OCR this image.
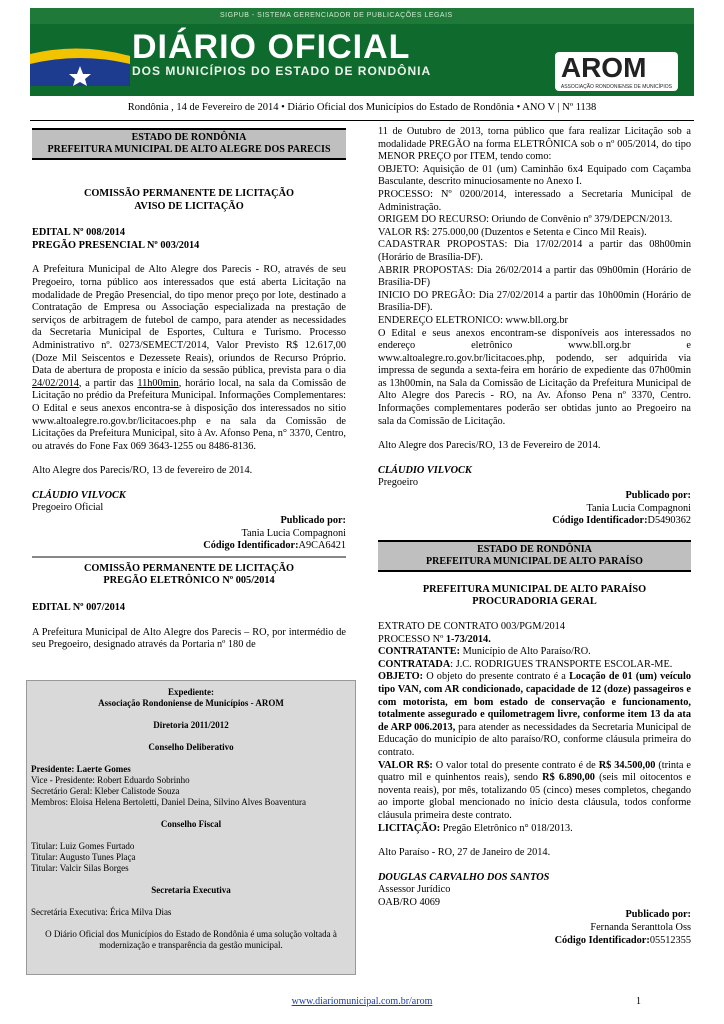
SIGPUB - SISTEMA GERENCIADOR DE PUBLICAÇÕES LEGAIS
DIÁRIO OFICIAL
DOS MUNICÍPIOS DO ESTADO DE RONDÔNIA	AROM
ASSOCIAÇÃO RONDONIENSE DE MUNICÍPIOS
Rondônia , 14 de Fevereiro de 2014 • Diário Oficial dos Municípios do Estado de Rondônia • ANO V | Nº 1138
ESTADO DE RONDÔNIA
PREFEITURA MUNICIPAL DE ALTO ALEGRE DOS PARECIS

COMISSÃO PERMANENTE DE LICITAÇÃO

AVISO DE LICITAÇÃO

EDITAL Nº 008/2014

PREGÃO PRESENCIAL Nº 003/2014

A Prefeitura Municipal de Alto Alegre dos Parecis - RO, através de seu Pregoeiro, torna público aos interessados que está aberta Licitação na modalidade de Pregão Presencial, do tipo menor preço por lote, destinado a Contratação de Empresa ou Associação especializada na prestação de serviços de arbitragem de futebol de campo, para atender as necessidades da Secretaria Municipal de Esportes, Cultura e Turismo. Processo Administrativo nº. 0273/SEMECT/2014, Valor Previsto R$ 12.617,00 (Doze Mil Seiscentos e Dezessete Reais), oriundos de Recurso Próprio. Data de abertura de proposta e início da sessão pública, prevista para o dia 24/02/2014, a partir das 11h00min, horário local, na sala da Comissão de Licitação no prédio da Prefeitura Municipal. Informações Complementares: O Edital e seus anexos encontra-se à disposição dos interessados no sitio www.altoalegre.ro.gov.br/licitacoes.php e na sala da Comissão de Licitações da Prefeitura Municipal, sito à Av. Afonso Pena, n° 3370, Centro, ou através do Fone Fax 069 3643-1255 ou 8486-8136.

Alto Alegre dos Parecis/RO, 13 de fevereiro de 2014.

CLÁUDIO VILVOCK

Pregoeiro Oficial

Publicado por:

Tania Lucia Compagnoni

Código Identificador:A9CA6421

COMISSÃO PERMANENTE DE LICITAÇÃO

PREGÃO ELETRÔNICO Nº 005/2014

EDITAL Nº 007/2014

A Prefeitura Municipal de Alto Alegre dos Parecis – RO, por intermédio de seu Pregoeiro, designado através da Portaria nº 180 de

Expediente:

Associação Rondoniense de Municípios - AROM

Diretoria 2011/2012

Conselho Deliberativo

Presidente: Laerte Gomes

Vice - Presidente: Robert Eduardo Sobrinho

Secretário Geral: Kleber Calistode Souza

Membros: Eloisa Helena Bertoletti, Daniel Deina, Silvino Alves Boaventura

Conselho Fiscal

Titular: Luiz Gomes Furtado

Titular: Augusto Tunes Plaça

Titular: Valcir Silas Borges

Secretaria Executiva

Secretária Executiva: Érica Milva Dias

O Diário Oficial dos Municípios do Estado de Rondônia é uma solução voltada à modernização e transparência da gestão municipal.

11 de Outubro de 2013, torna público que fara realizar Licitação sob a modalidade PREGÃO na forma ELETRÔNICA sob o nº 005/2014, do tipo MENOR PREÇO por ITEM, tendo como:

OBJETO: Aquisição de 01 (um) Caminhão 6x4 Equipado com Caçamba Basculante, descrito minuciosamente no Anexo I.

PROCESSO: Nº 0200/2014, interessado a Secretaria Municipal de Administração.

ORIGEM DO RECURSO: Oriundo de Convênio nº 379/DEPCN/2013.

VALOR R$: 275.000,00 (Duzentos e Setenta e Cinco Mil Reais).

CADASTRAR PROPOSTAS: Dia 17/02/2014 a partir das 08h00min (Horário de Brasília-DF).

ABRIR PROPOSTAS: Dia 26/02/2014 a partir das 09h00min (Horário de Brasília-DF)

INICIO DO PREGÃO: Dia 27/02/2014 a partir das 10h00min (Horário de Brasília-DF).

ENDEREÇO ELETRONICO: www.bll.org.br

O Edital e seus anexos encontram-se disponíveis aos interessados no endereço eletrônico www.bll.org.br e www.altoalegre.ro.gov.br/licitacoes.php, podendo, ser adquirida via impressa de segunda a sexta-feira em horário de expediente das 07h00min as 13h00min, na Sala da Comissão de Licitação da Prefeitura Municipal de Alto Alegre dos Parecis - RO, na Av. Afonso Pena nº 3370, Centro. Informações complementares poderão ser obtidas junto ao Pregoeiro na sala da Comissão de Licitação.

Alto Alegre dos Parecis/RO, 13 de Fevereiro de 2014.

CLÁUDIO VILVOCK

Pregoeiro

Publicado por:

Tania Lucia Compagnoni

Código Identificador:D5490362

ESTADO DE RONDÔNIA
PREFEITURA MUNICIPAL DE ALTO PARAÍSO

PREFEITURA MUNICIPAL DE ALTO PARAÍSO

PROCURADORIA GERAL

EXTRATO DE CONTRATO 003/PGM/2014

PROCESSO Nº 1-73/2014.

CONTRATANTE: Município de Alto Paraíso/RO.

CONTRATADA: J.C. RODRIGUES TRANSPORTE ESCOLAR-ME.

OBJETO: O objeto do presente contrato é a Locação de 01 (um) veículo tipo VAN, com AR condicionado, capacidade de 12 (doze) passageiros e com motorista, em bom estado de conservação e funcionamento, totalmente assegurado e quilometragem livre, conforme item 13 da ata de ARP 006.2013, para atender as necessidades da Secretaria Municipal de Educação do município de alto paraíso/RO, conforme cláusula primeira do contrato.

VALOR R$: O valor total do presente contrato é de R$ 34.500,00 (trinta e quatro mil e quinhentos reais), sendo R$ 6.890,00 (seis mil oitocentos e noventa reais), por mês, totalizando 05 (cinco) meses completos, chegando ao importe global mencionado no início desta cláusula, todos conforme cláusula primeira deste contrato.

LICITAÇÃO: Pregão Eletrônico n° 018/2013.

Alto Paraíso - RO, 27 de Janeiro de 2014.

DOUGLAS CARVALHO DOS SANTOS

Assessor Jurídico

OAB/RO 4069

Publicado por:

Fernanda Seranttola Oss

Código Identificador:05512355

www.diariomunicipal.com.br/arom	1
